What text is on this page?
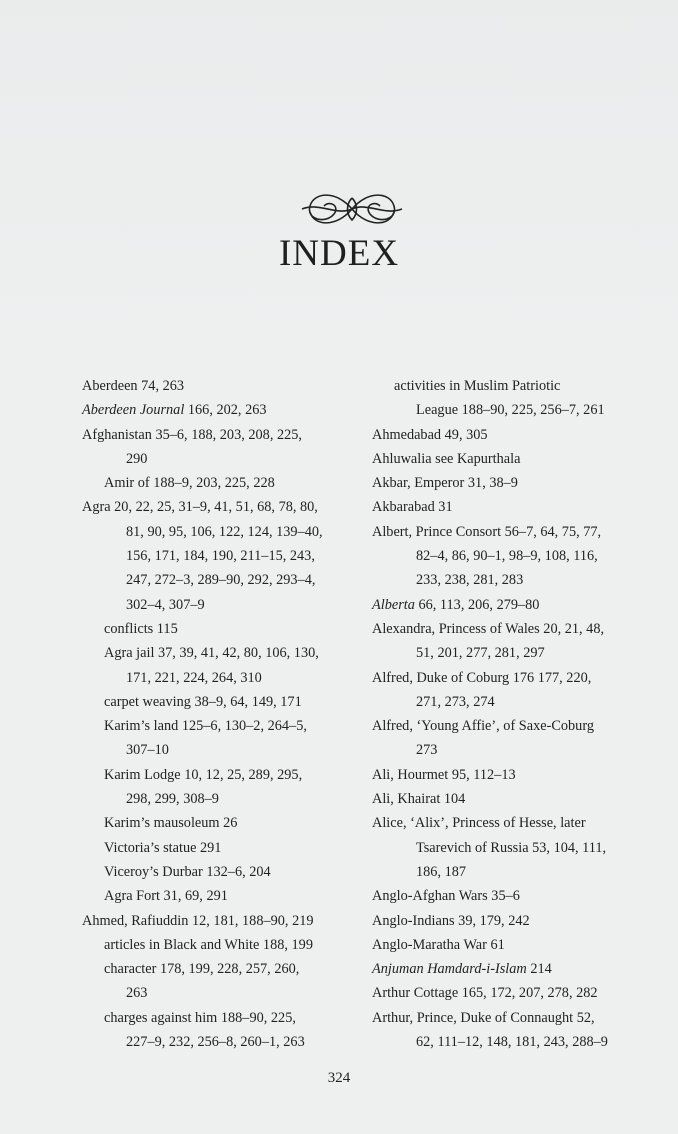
INDEX
Aberdeen 74, 263
Aberdeen Journal 166, 202, 263
Afghanistan 35–6, 188, 203, 208, 225,
290
Amir of 188–9, 203, 225, 228
Agra 20, 22, 25, 31–9, 41, 51, 68, 78, 80,
81, 90, 95, 106, 122, 124, 139–40,
156, 171, 184, 190, 211–15, 243,
247, 272–3, 289–90, 292, 293–4,
302–4, 307–9
conflicts 115
Agra jail 37, 39, 41, 42, 80, 106, 130,
171, 221, 224, 264, 310
carpet weaving 38–9, 64, 149, 171
Karim’s land 125–6, 130–2, 264–5,
307–10
Karim Lodge 10, 12, 25, 289, 295,
298, 299, 308–9
Karim’s mausoleum 26
Victoria’s statue 291
Viceroy’s Durbar 132–6, 204
Agra Fort 31, 69, 291
Ahmed, Rafiuddin 12, 181, 188–90, 219
articles in Black and White 188, 199
character 178, 199, 228, 257, 260,
263
charges against him 188–90, 225,
227–9, 232, 256–8, 260–1, 263
activities in Muslim Patriotic
League 188–90, 225, 256–7, 261
Ahmedabad 49, 305
Ahluwalia see Kapurthala
Akbar, Emperor 31, 38–9
Akbarabad 31
Albert, Prince Consort 56–7, 64, 75, 77,
82–4, 86, 90–1, 98–9, 108, 116,
233, 238, 281, 283
Alberta 66, 113, 206, 279–80
Alexandra, Princess of Wales 20, 21, 48,
51, 201, 277, 281, 297
Alfred, Duke of Coburg 176 177, 220,
271, 273, 274
Alfred, ‘Young Affie’, of Saxe-Coburg
273
Ali, Hourmet 95, 112–13
Ali, Khairat 104
Alice, ‘Alix’, Princess of Hesse, later
Tsarevich of Russia 53, 104, 111,
186, 187
Anglo-Afghan Wars 35–6
Anglo-Indians 39, 179, 242
Anglo-Maratha War 61
Anjuman Hamdard-i-Islam 214
Arthur Cottage 165, 172, 207, 278, 282
Arthur, Prince, Duke of Connaught 52,
62, 111–12, 148, 181, 243, 288–9
324
